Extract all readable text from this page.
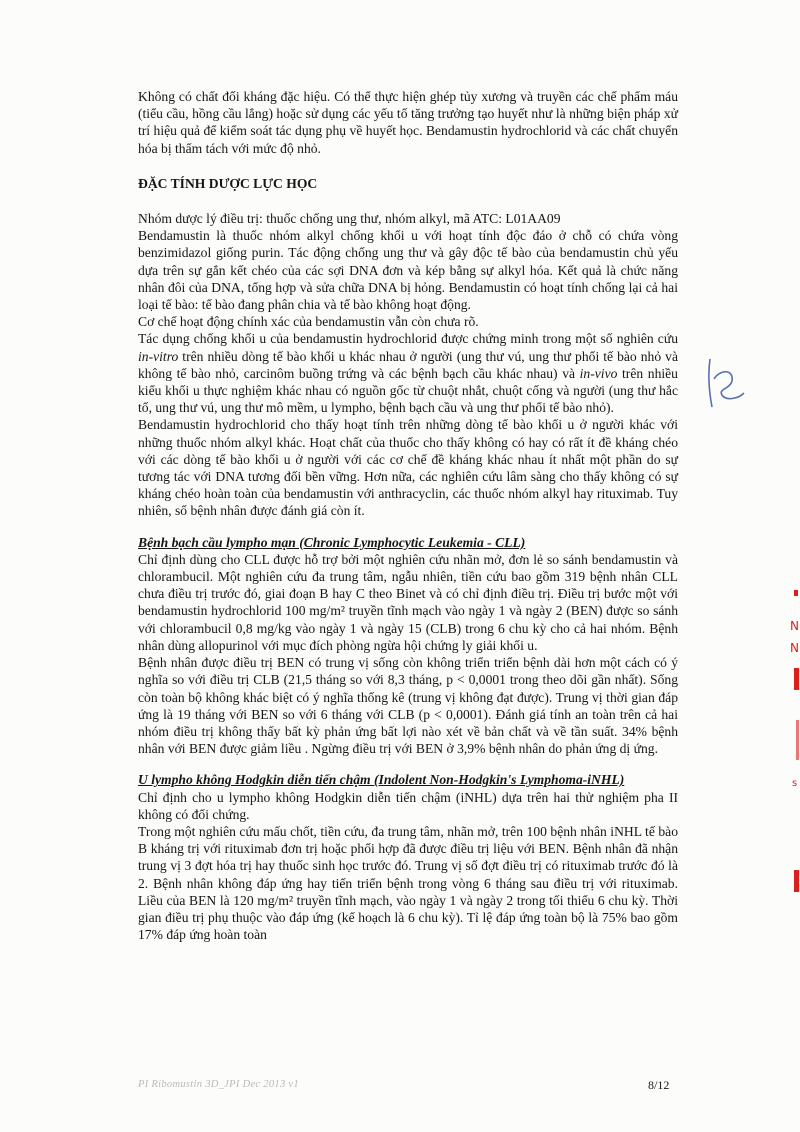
Không có chất đối kháng đặc hiệu. Có thể thực hiện ghép tủy xương và truyền các chế phẩm máu (tiểu cầu, hồng cầu lắng) hoặc sử dụng các yếu tố tăng trưởng tạo huyết như là những biện pháp xử trí hiệu quả để kiểm soát tác dụng phụ về huyết học. Bendamustin hydrochlorid và các chất chuyển hóa bị thẩm tách với mức độ nhỏ.

ĐẶC TÍNH DƯỢC LỰC HỌC

Nhóm dược lý điều trị: thuốc chống ung thư, nhóm alkyl, mã ATC: L01AA09

Bendamustin là thuốc nhóm alkyl chống khối u với hoạt tính độc đáo ở chỗ có chứa vòng benzimidazol giống purin. Tác động chống ung thư và gây độc tế bào của bendamustin chủ yếu dựa trên sự gắn kết chéo của các sợi DNA đơn và kép bằng sự alkyl hóa. Kết quả là chức năng nhân đôi của DNA, tổng hợp và sửa chữa DNA bị hỏng. Bendamustin có hoạt tính chống lại cả hai loại tế bào: tế bào đang phân chia và tế bào không hoạt động.

Cơ chế hoạt động chính xác của bendamustin vẫn còn chưa rõ.

Tác dụng chống khối u của bendamustin hydrochlorid được chứng minh trong một số nghiên cứu in-vitro trên nhiều dòng tế bào khối u khác nhau ở người (ung thư vú, ung thư phổi tế bào nhỏ và không tế bào nhỏ, carcinôm buồng trứng và các bệnh bạch cầu khác nhau) và in-vivo trên nhiều kiểu khối u thực nghiệm khác nhau có nguồn gốc từ chuột nhắt, chuột cống và người (ung thư hắc tố, ung thư vú, ung thư mô mềm, u lympho, bệnh bạch cầu và ung thư phổi tế bào nhỏ).

Bendamustin hydrochlorid cho thấy hoạt tính trên những dòng tế bào khối u ở người khác với những thuốc nhóm alkyl khác. Hoạt chất của thuốc cho thấy không có hay có rất ít đề kháng chéo với các dòng tế bào khối u ở người với các cơ chế đề kháng khác nhau ít nhất một phần do sự tương tác với DNA tương đối bền vững. Hơn nữa, các nghiên cứu lâm sàng cho thấy không có sự kháng chéo hoàn toàn của bendamustin với anthracyclin, các thuốc nhóm alkyl hay rituximab. Tuy nhiên, số bệnh nhân được đánh giá còn ít.

Bệnh bạch cầu lympho mạn (Chronic Lymphocytic Leukemia - CLL)

Chỉ định dùng cho CLL được hỗ trợ bởi một nghiên cứu nhãn mở, đơn lẻ so sánh bendamustin và chlorambucil. Một nghiên cứu đa trung tâm, ngẫu nhiên, tiền cứu bao gồm 319 bệnh nhân CLL chưa điều trị trước đó, giai đoạn B hay C theo Binet và có chỉ định điều trị. Điều trị bước một với bendamustin hydrochlorid 100 mg/m² truyền tĩnh mạch vào ngày 1 và ngày 2 (BEN) được so sánh với chlorambucil 0,8 mg/kg vào ngày 1 và ngày 15 (CLB) trong 6 chu kỳ cho cả hai nhóm. Bệnh nhân dùng allopurinol với mục đích phòng ngừa hội chứng ly giải khối u.

Bệnh nhân được điều trị BEN có trung vị sống còn không triển triển bệnh dài hơn một cách có ý nghĩa so với điều trị CLB (21,5 tháng so với 8,3 tháng, p < 0,0001 trong theo dõi gần nhất). Sống còn toàn bộ không khác biệt có ý nghĩa thống kê (trung vị không đạt được). Trung vị thời gian đáp ứng là 19 tháng với BEN so với 6 tháng với CLB (p < 0,0001). Đánh giá tính an toàn trên cả hai nhóm điều trị không thấy bất kỳ phản ứng bất lợi nào xét về bản chất và về tần suất. 34% bệnh nhân với BEN được giảm liều . Ngừng điều trị với BEN ở 3,9% bệnh nhân do phản ứng dị ứng.

U lympho không Hodgkin diễn tiến chậm (Indolent Non-Hodgkin's Lymphoma-iNHL)

Chỉ định cho u lympho không Hodgkin diễn tiến chậm (iNHL) dựa trên hai thử nghiệm pha II không có đối chứng.

Trong một nghiên cứu mấu chốt, tiền cứu, đa trung tâm, nhãn mở, trên 100 bệnh nhân iNHL tế bào B kháng trị với rituximab đơn trị hoặc phối hợp đã được điều trị liệu với BEN. Bệnh nhân đã nhận trung vị 3 đợt hóa trị hay thuốc sinh học trước đó. Trung vị số đợt điều trị có rituximab trước đó là 2. Bệnh nhân không đáp ứng hay tiến triển bệnh trong vòng 6 tháng sau điều trị với rituximab. Liều của BEN là 120 mg/m² truyền tĩnh mạch, vào ngày 1 và ngày 2 trong tối thiểu 6 chu kỳ. Thời gian điều trị phụ thuộc vào đáp ứng (kế hoạch là 6 chu kỳ). Tỉ lệ đáp ứng toàn bộ là 75% bao gồm 17% đáp ứng hoàn toàn

N
N
s
PI Ribomustin 3D_JPI Dec 2013 v1	8/12
